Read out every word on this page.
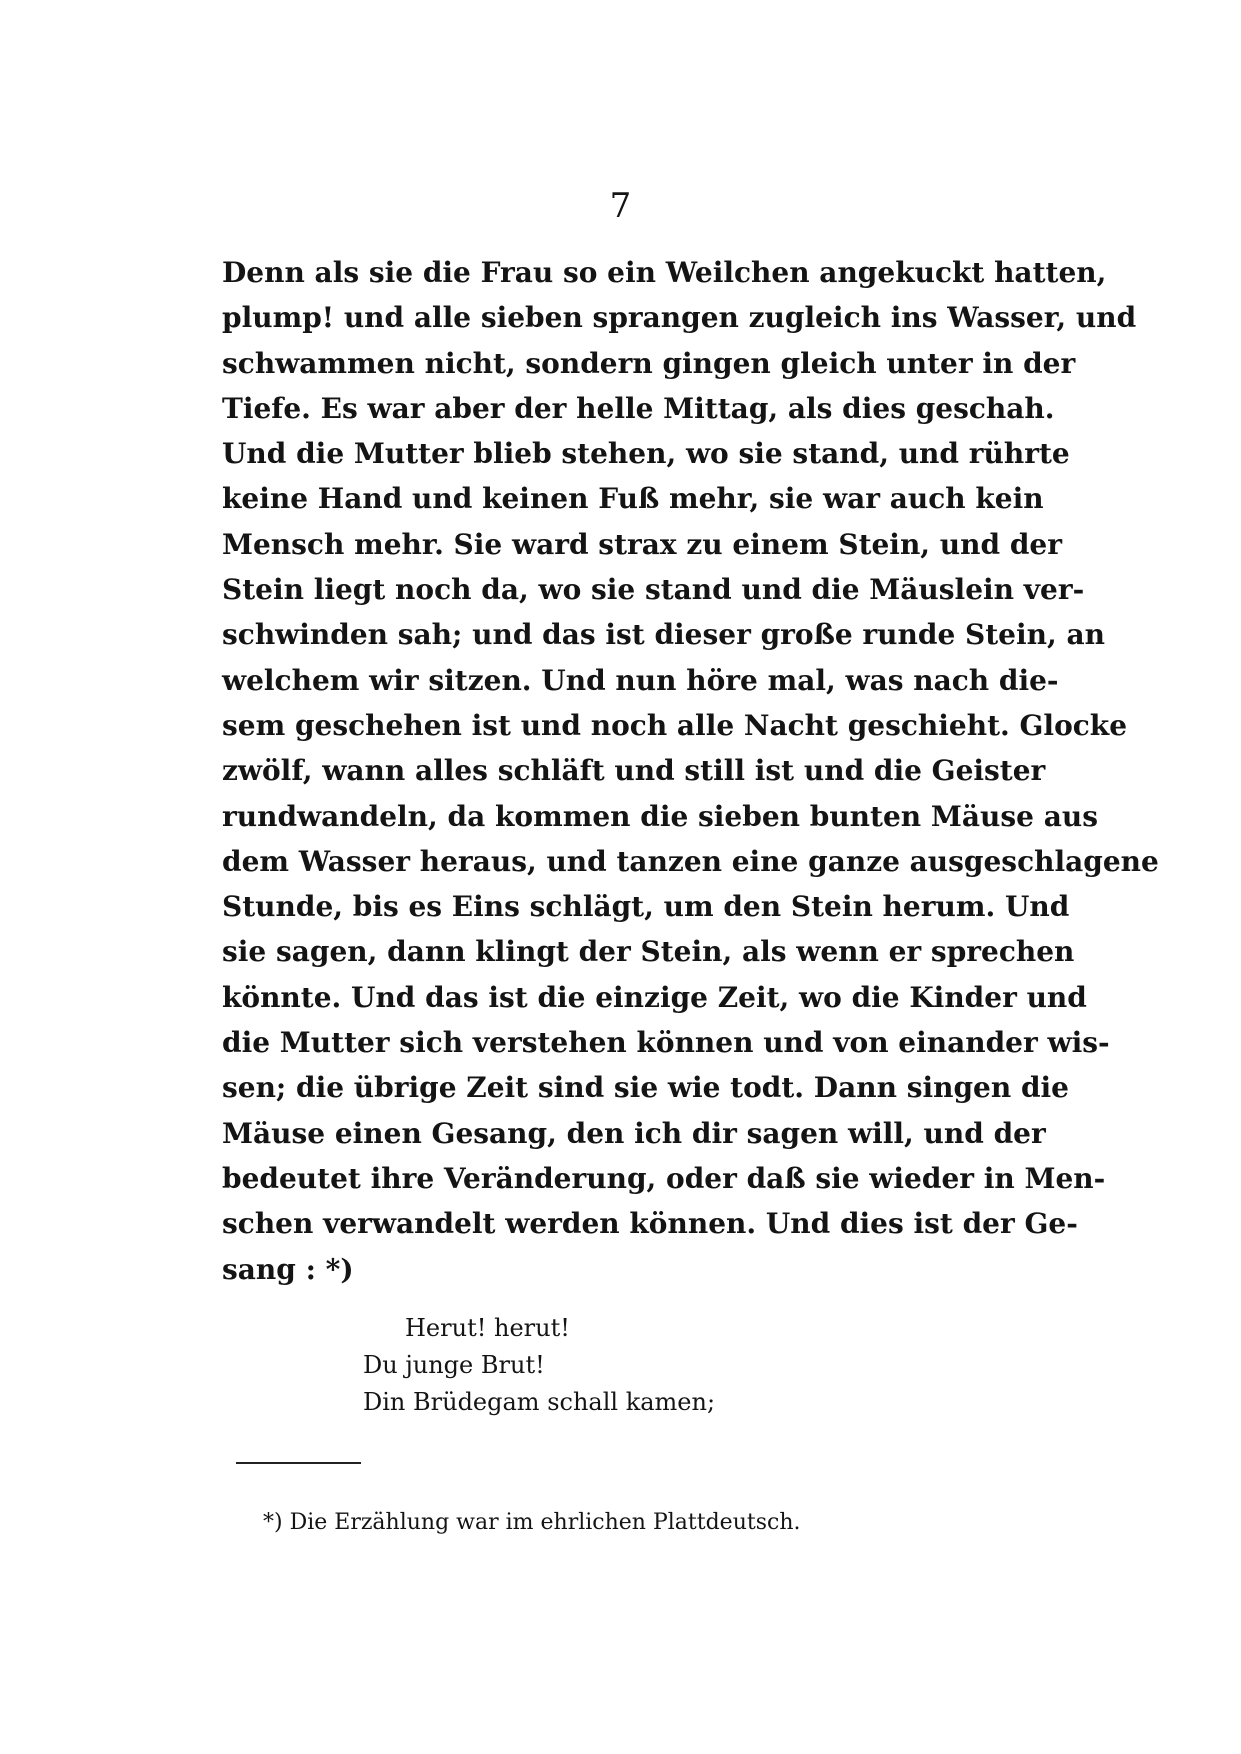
7
Denn als sie die Frau so ein Weilchen angekuckt hatten,
plump! und alle sieben sprangen zugleich ins Wasser, und
schwammen nicht, sondern gingen gleich unter in der
Tiefe. Es war aber der helle Mittag, als dies geschah.
Und die Mutter blieb stehen, wo sie stand, und rührte
keine Hand und keinen Fuß mehr, sie war auch kein
Mensch mehr. Sie ward strax zu einem Stein, und der
Stein liegt noch da, wo sie stand und die Mäuslein ver-
schwinden sah; und das ist dieser große runde Stein, an
welchem wir sitzen. Und nun höre mal, was nach die-
sem geschehen ist und noch alle Nacht geschieht. Glocke
zwölf, wann alles schläft und still ist und die Geister
rundwandeln, da kommen die sieben bunten Mäuse aus
dem Wasser heraus, und tanzen eine ganze ausgeschlagene
Stunde, bis es Eins schlägt, um den Stein herum. Und
sie sagen, dann klingt der Stein, als wenn er sprechen
könnte. Und das ist die einzige Zeit, wo die Kinder und
die Mutter sich verstehen können und von einander wis-
sen; die übrige Zeit sind sie wie todt. Dann singen die
Mäuse einen Gesang, den ich dir sagen will, und der
bedeutet ihre Veränderung, oder daß sie wieder in Men-
schen verwandelt werden können. Und dies ist der Ge-
sang : *)
Herut! herut!
Du junge Brut!
Din Brüdegam schall kamen;
*) Die Erzählung war im ehrlichen Plattdeutsch.
